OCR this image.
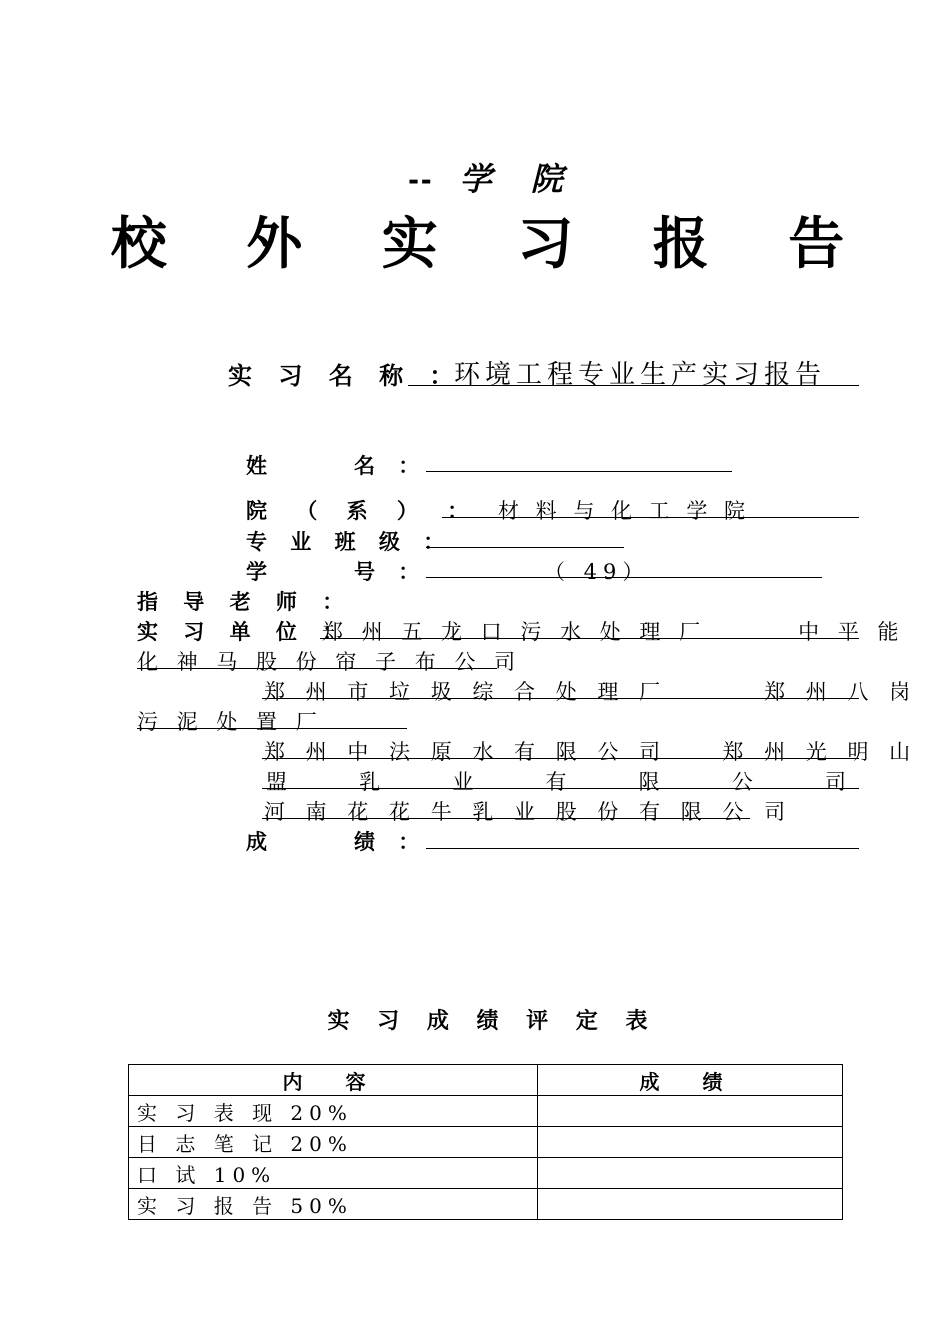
-- 学 院
校 外 实 习 报 告
实 习 名 称 ：
环境工程专业生产实习报告
姓	名 ：
院 （ 系 ） ： 材 料 与 化 工 学 院
专 业 班 级 ：
学	号 ：	（ 49）
指 导 老 师 ：
实 习 单 位 ：
郑 州 五 龙 口 污 水 处 理 厂 　 　 中 平 能
化 神 马 股 份 帘 子 布 公 司
郑 州 市 垃 圾 综 合 处 理 厂 　 　 郑 州 八 岗
污 泥 处 置 厂
郑 州 中 法 原 水 有 限 公 司 　 郑 州 光 明 山
盟	乳	业	有	限	公	司
河 南 花 花 牛 乳 业 股 份 有 限 公 司
成	绩 ：
实 习 成 绩 评 定 表
内 容	成 绩
实 习 表 现 20%	
日 志 笔 记 20%	
口 试 10%	
实 习 报 告 50%	
